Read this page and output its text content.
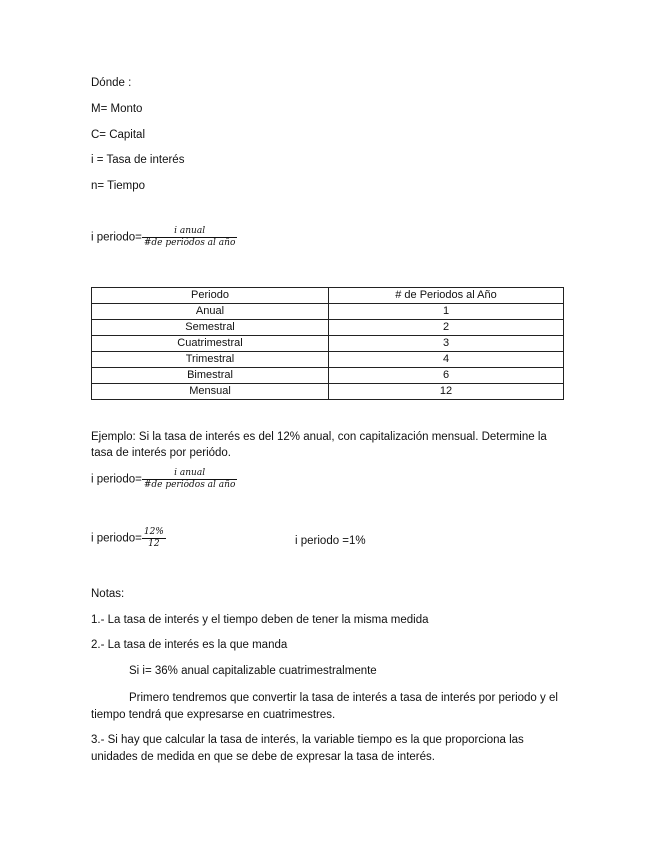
Dónde :
M= Monto
C= Capital
i = Tasa de interés
n= Tiempo
i periodo= $\frac{\text{i anual}}{\text{\#de periódos al año}}$
Periodo	# de Periodos al Año
Anual	1
Semestral	2
Cuatrimestral	3
Trimestral	4
Bimestral	6
Mensual	12
Ejemplo: Si la tasa de interés es del 12% anual, con capitalización mensual. Determine la tasa de interés por periódo.
i periodo= $\frac{\text{i anual}}{\text{\#de periódos al año}}$
i periodo= $\frac{12\%}{12}$	i periodo =1%
Notas:
1.- La tasa de interés y el tiempo deben de tener la misma medida
2.- La tasa de interés es la que manda
Si i= 36% anual capitalizable cuatrimestralmente
Primero tendremos que convertir la tasa de interés a tasa de interés por periodo y el tiempo tendrá que expresarse en cuatrimestres.
3.- Si hay que calcular la tasa de interés, la variable tiempo es la que proporciona las unidades de medida en que se debe de expresar la tasa de interés.
